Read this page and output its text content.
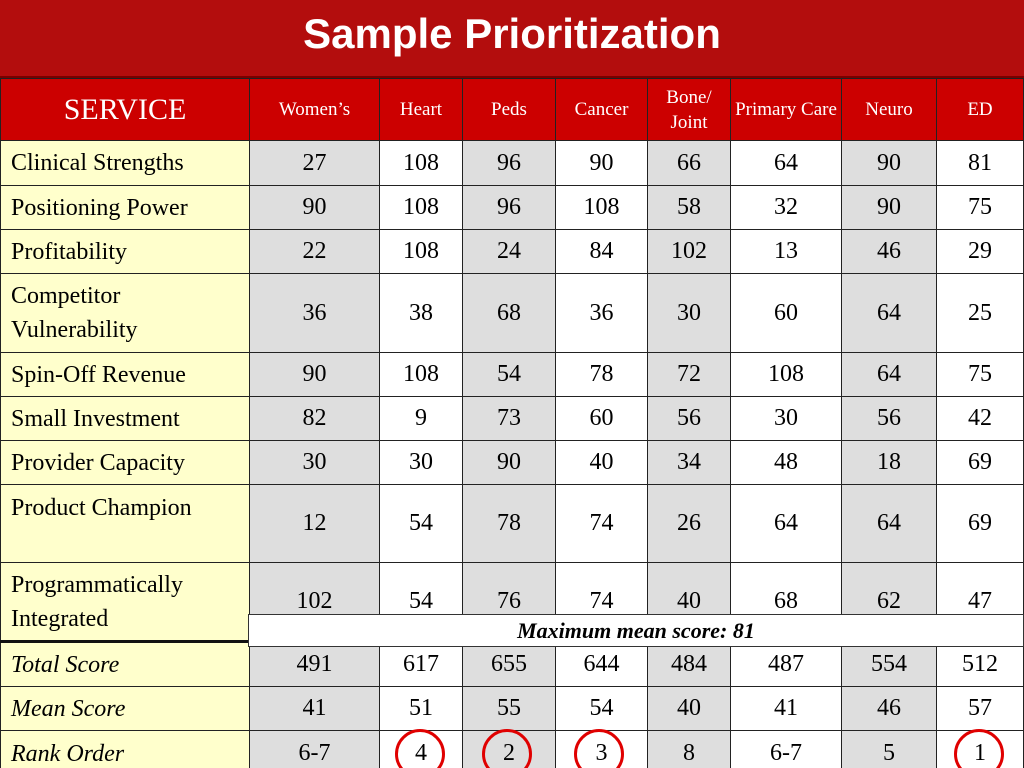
Sample Prioritization
SERVICE	Women’s	Heart	Peds	Cancer	Bone/ Joint	Primary Care	Neuro	ED
Clinical Strengths	27	108	96	90	66	64	90	81
Positioning Power	90	108	96	108	58	32	90	75
Profitability	22	108	24	84	102	13	46	29
Competitor Vulnerability	36	38	68	36	30	60	64	25
Spin-Off Revenue	90	108	54	78	72	108	64	75
Small Investment	82	9	73	60	56	30	56	42
Provider Capacity	30	30	90	40	34	48	18	69
Product Champion	12	54	78	74	26	64	64	69
Programmatically Integrated	102	54	76	74	40	68	62	47
Total Score	491	617	655	644	484	487	554	512
Mean Score	41	51	55	54	40	41	46	57
Rank Order	6-7	4	2	3	8	6-7	5	1
Maximum mean score: 81
